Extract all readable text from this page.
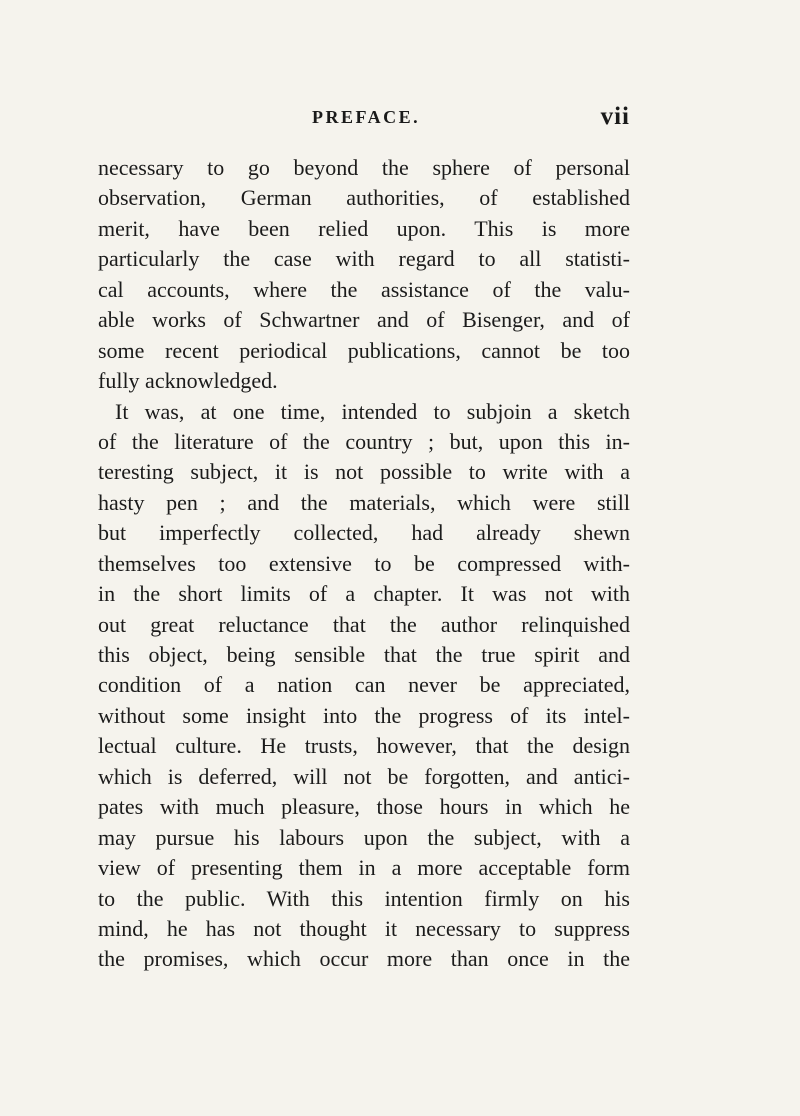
PREFACE.	vii
necessary to go beyond the sphere of personal
observation, German authorities, of established
merit, have been relied upon. This is more
particularly the case with regard to all statisti-
cal accounts, where the assistance of the valu-
able works of Schwartner and of Bisenger, and of
some recent periodical publications, cannot be too
fully acknowledged.
It was, at one time, intended to subjoin a sketch
of the literature of the country ; but, upon this in-
teresting subject, it is not possible to write with a
hasty pen ; and the materials, which were still
but imperfectly collected, had already shewn
themselves too extensive to be compressed with-
in the short limits of a chapter. It was not with
out great reluctance that the author relinquished
this object, being sensible that the true spirit and
condition of a nation can never be appreciated,
without some insight into the progress of its intel-
lectual culture. He trusts, however, that the design
which is deferred, will not be forgotten, and antici-
pates with much pleasure, those hours in which he
may pursue his labours upon the subject, with a
view of presenting them in a more acceptable form
to the public. With this intention firmly on his
mind, he has not thought it necessary to suppress
the promises, which occur more than once in the
